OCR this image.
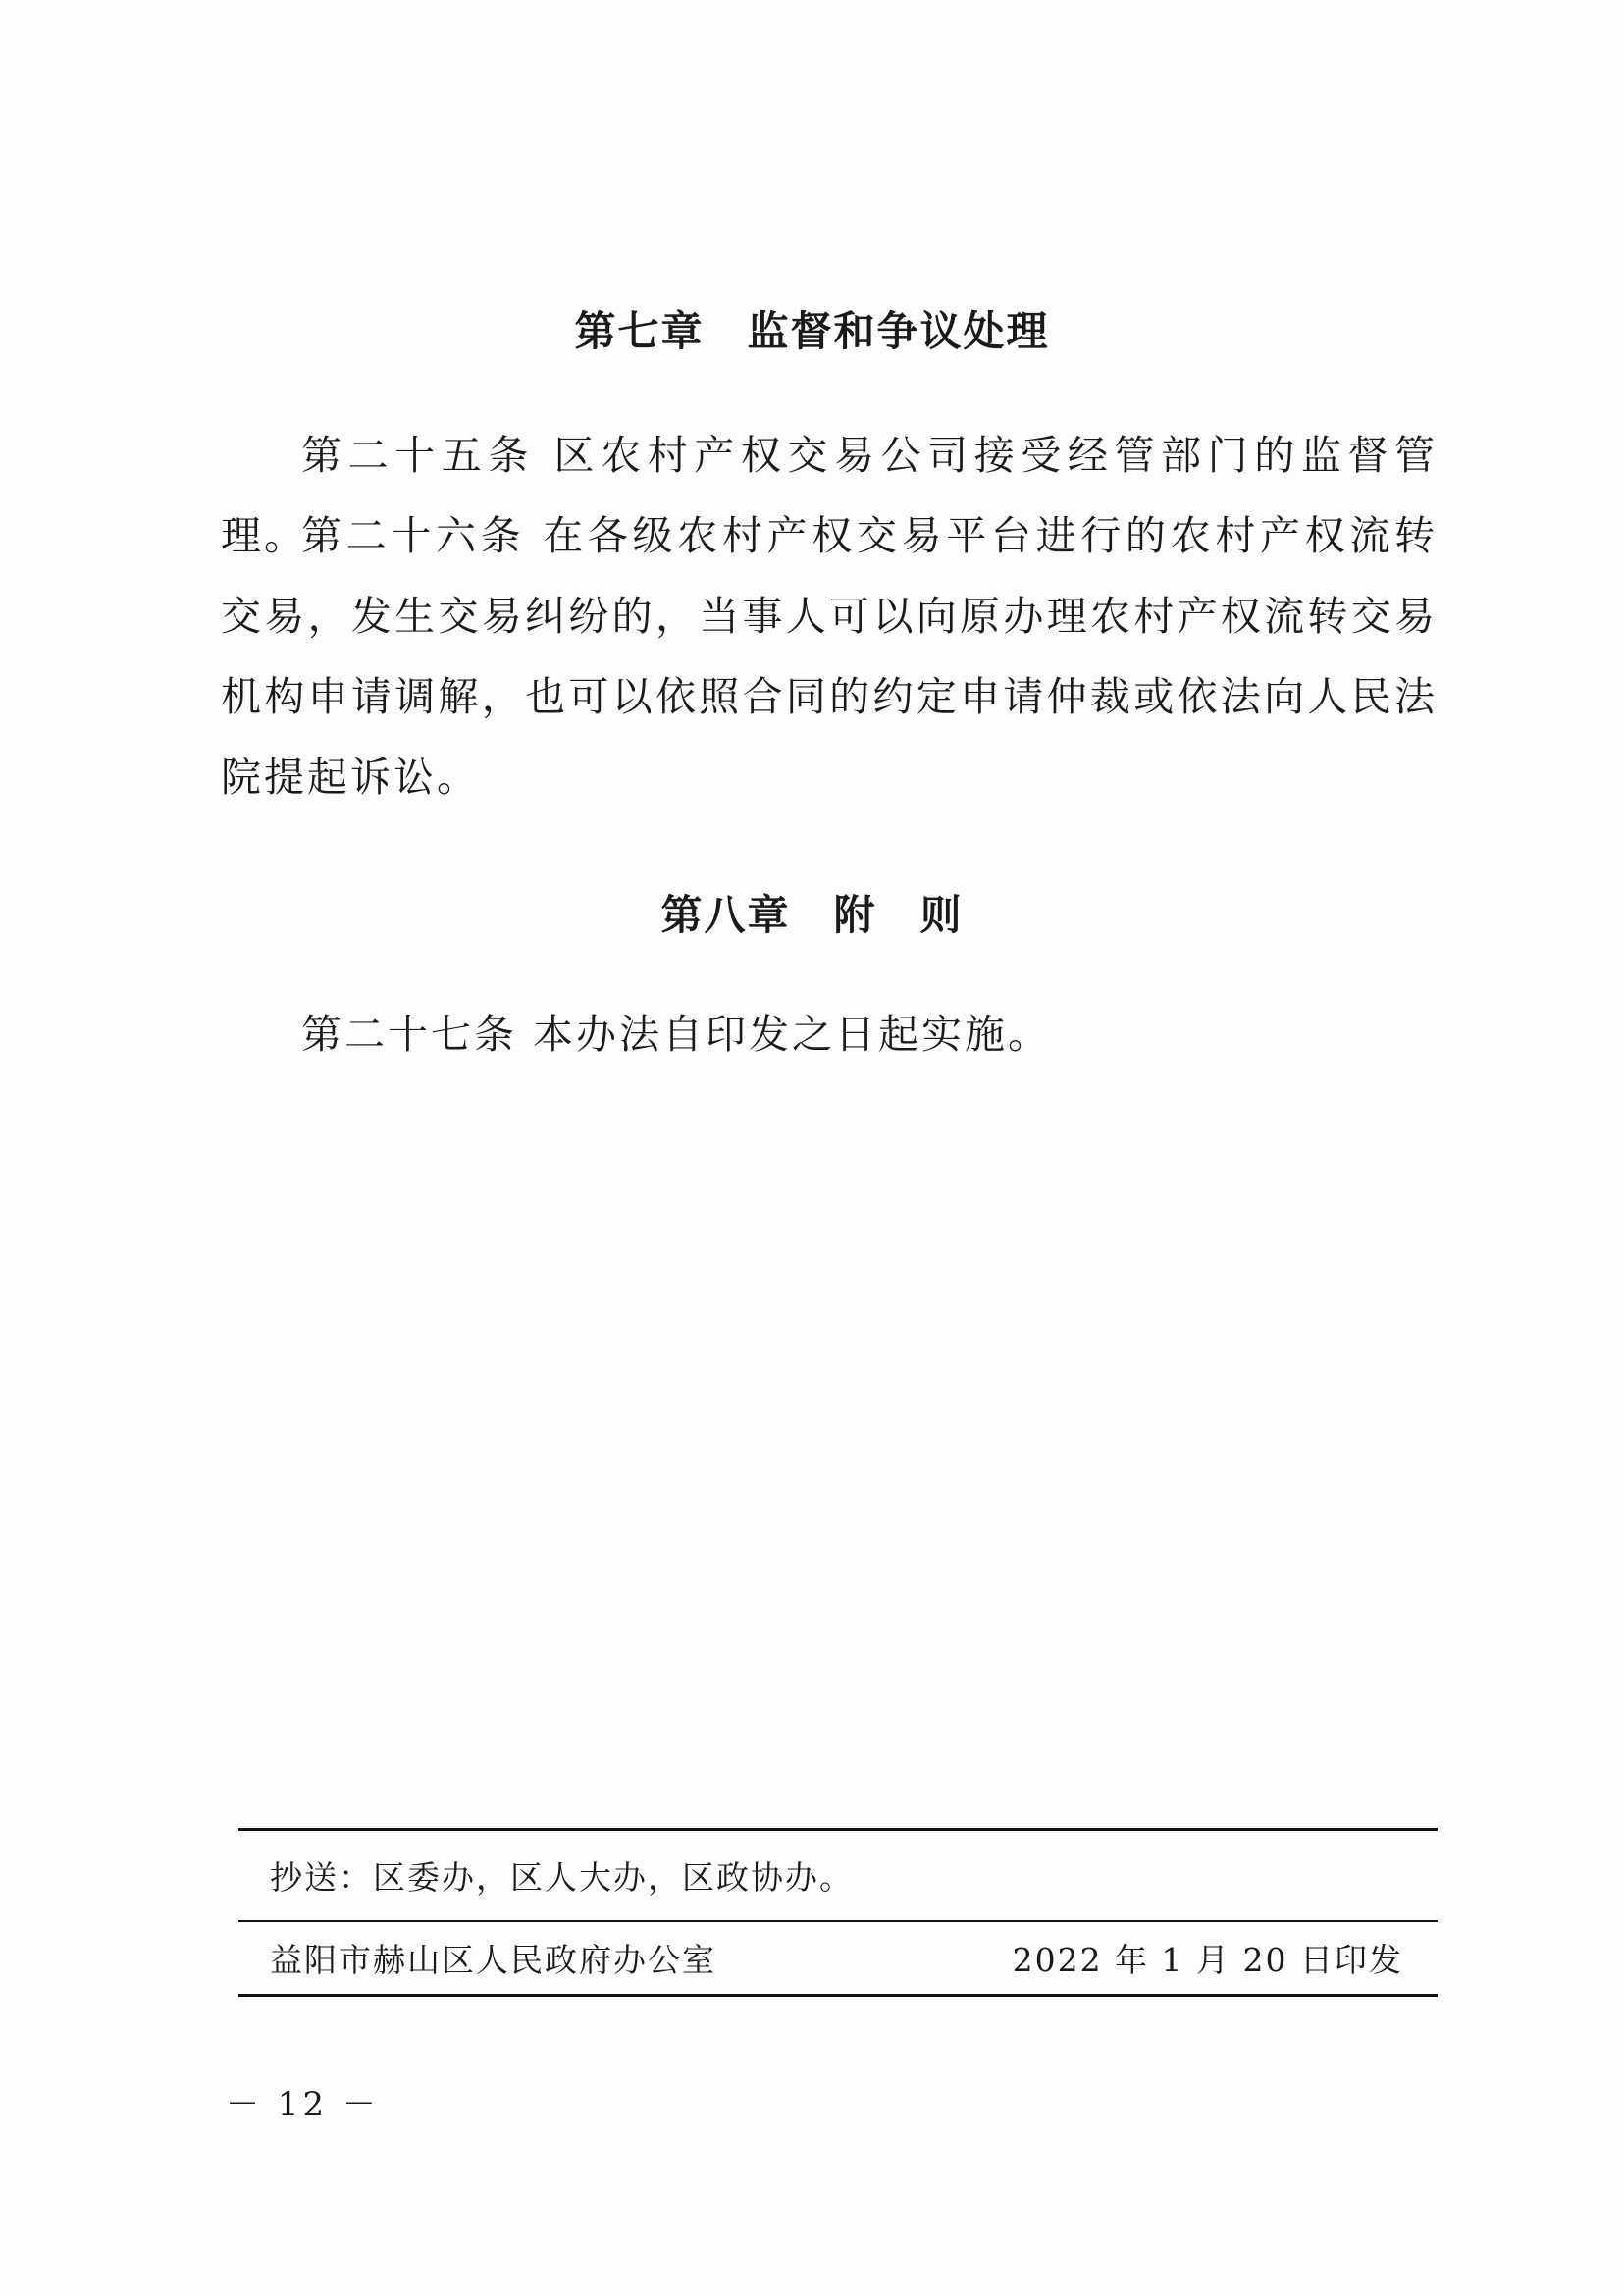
第七章　监督和争议处理
第二十五条 区农村产权交易公司接受经管部门的监督管理。
第二十六条 在各级农村产权交易平台进行的农村产权流转交易，发生交易纠纷的，当事人可以向原办理农村产权流转交易机构申请调解，也可以依照合同的约定申请仲裁或依法向人民法院提起诉讼。
第八章　附　则
第二十七条 本办法自印发之日起实施。
抄送：区委办，区人大办，区政协办。
益阳市赫山区人民政府办公室	2022 年 1 月 20 日印发
－ 12 －
